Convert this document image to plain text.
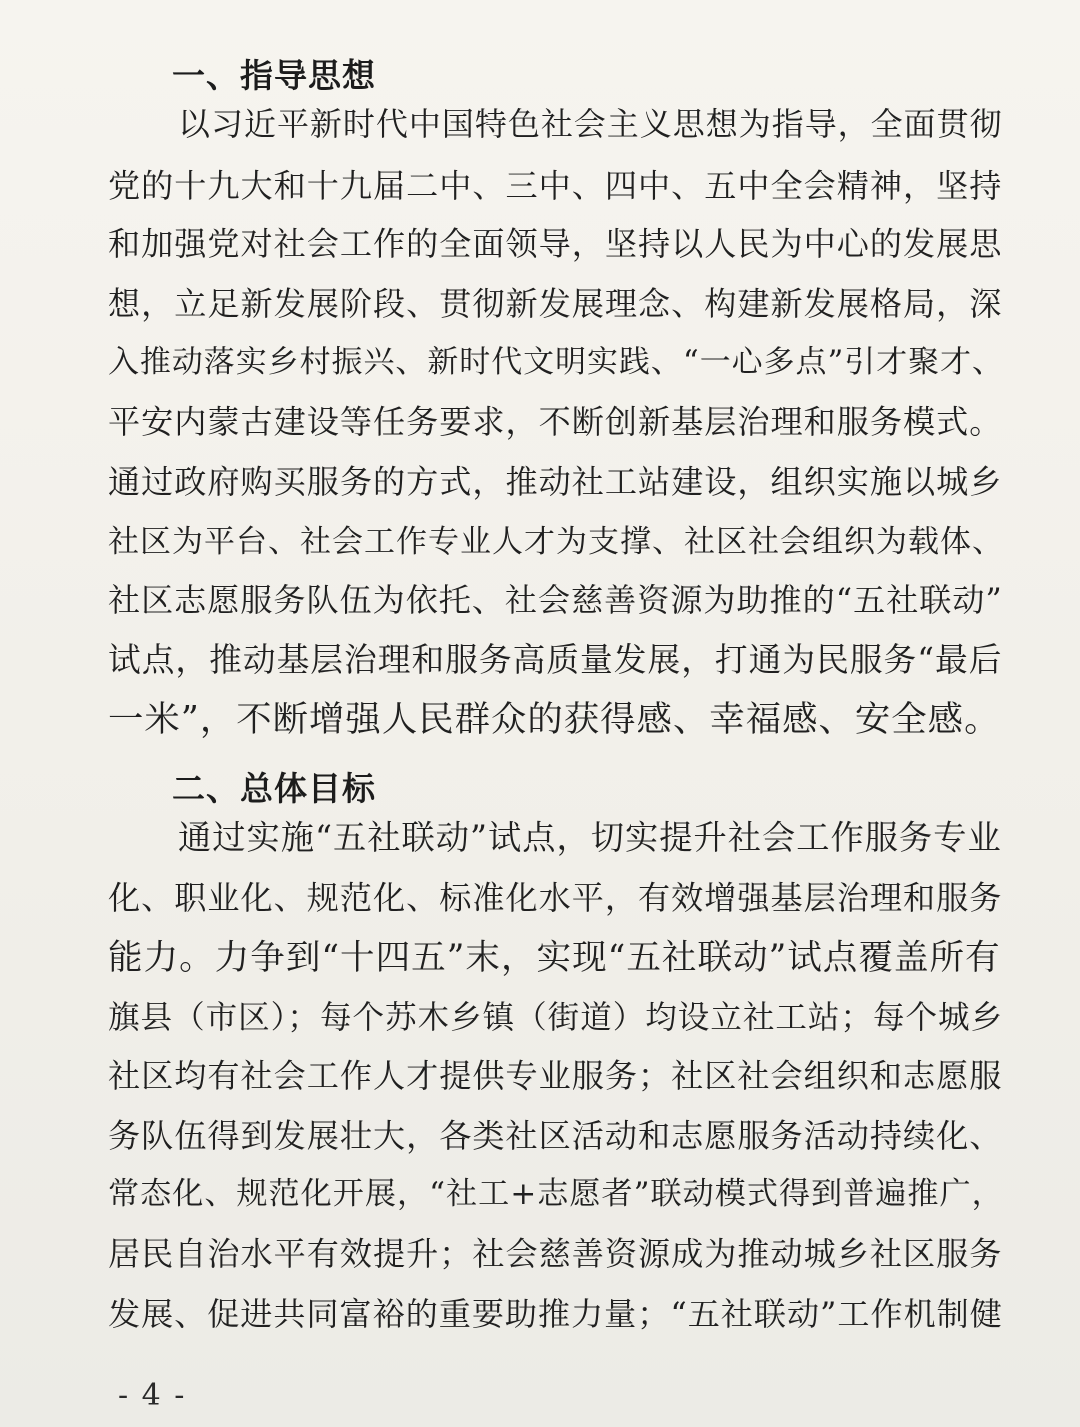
一、指导思想
以习近平新时代中国特色社会主义思想为指导，全面贯彻
党的十九大和十九届二中、三中、四中、五中全会精神，坚持
和加强党对社会工作的全面领导，坚持以人民为中心的发展思
想，立足新发展阶段、贯彻新发展理念、构建新发展格局，深
入推动落实乡村振兴、新时代文明实践、“一心多点”引才聚才、
平安内蒙古建设等任务要求，不断创新基层治理和服务模式。
通过政府购买服务的方式，推动社工站建设，组织实施以城乡
社区为平台、社会工作专业人才为支撑、社区社会组织为载体、
社区志愿服务队伍为依托、社会慈善资源为助推的“五社联动”
试点，推动基层治理和服务高质量发展，打通为民服务“最后
一米”，不断增强人民群众的获得感、幸福感、安全感。
二、总体目标
通过实施“五社联动”试点，切实提升社会工作服务专业
化、职业化、规范化、标准化水平，有效增强基层治理和服务
能力。力争到“十四五”末，实现“五社联动”试点覆盖所有
旗县（市区）；每个苏木乡镇（街道）均设立社工站；每个城乡
社区均有社会工作人才提供专业服务；社区社会组织和志愿服
务队伍得到发展壮大，各类社区活动和志愿服务活动持续化、
常态化、规范化开展，“社工+志愿者”联动模式得到普遍推广，
居民自治水平有效提升；社会慈善资源成为推动城乡社区服务
发展、促进共同富裕的重要助推力量；“五社联动”工作机制健
- 4 -
